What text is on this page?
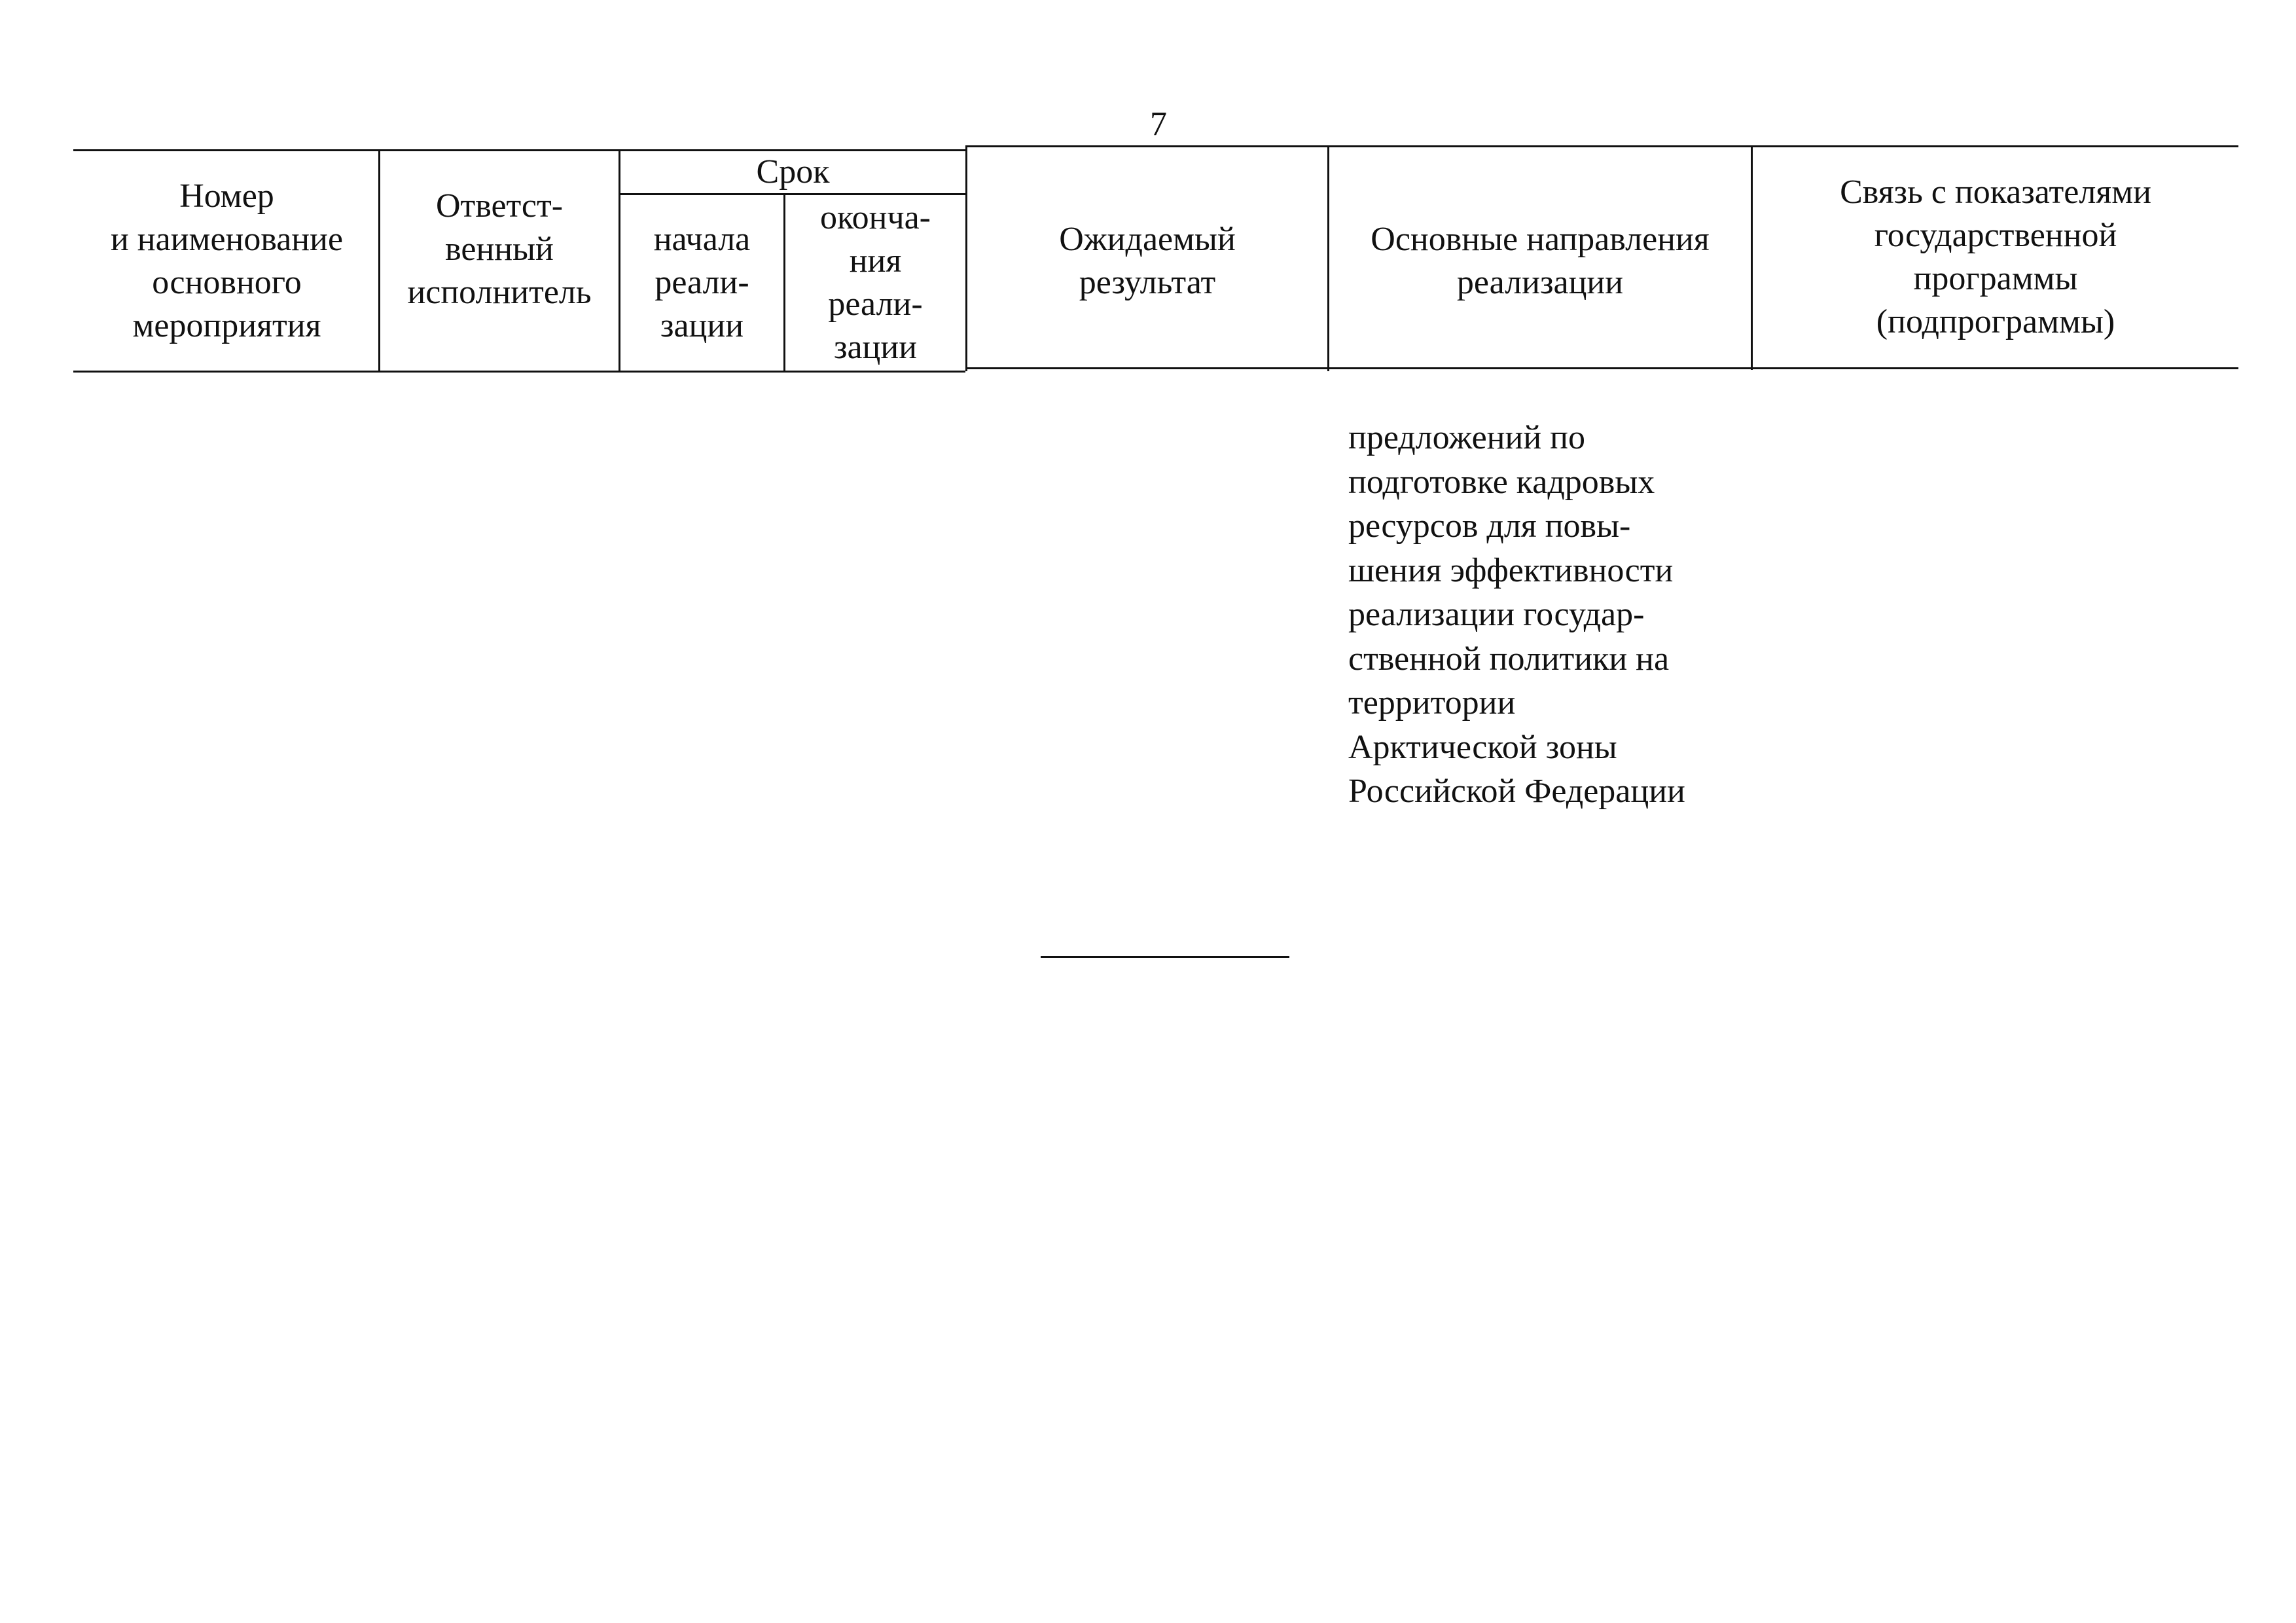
7
Номер
и наименование
основного
мероприятия
Ответст-
венный
исполнитель
Срок
начала
реали-
зации
оконча-
ния
реали-
зации
Ожидаемый
результат
Основные направления
реализации
Связь с показателями
государственной
программы
(подпрограммы)
предложений по
подготовке кадровых
ресурсов для повы-
шения эффективности
реализации государ-
ственной политики на
территории
Арктической зоны
Российской Федерации
